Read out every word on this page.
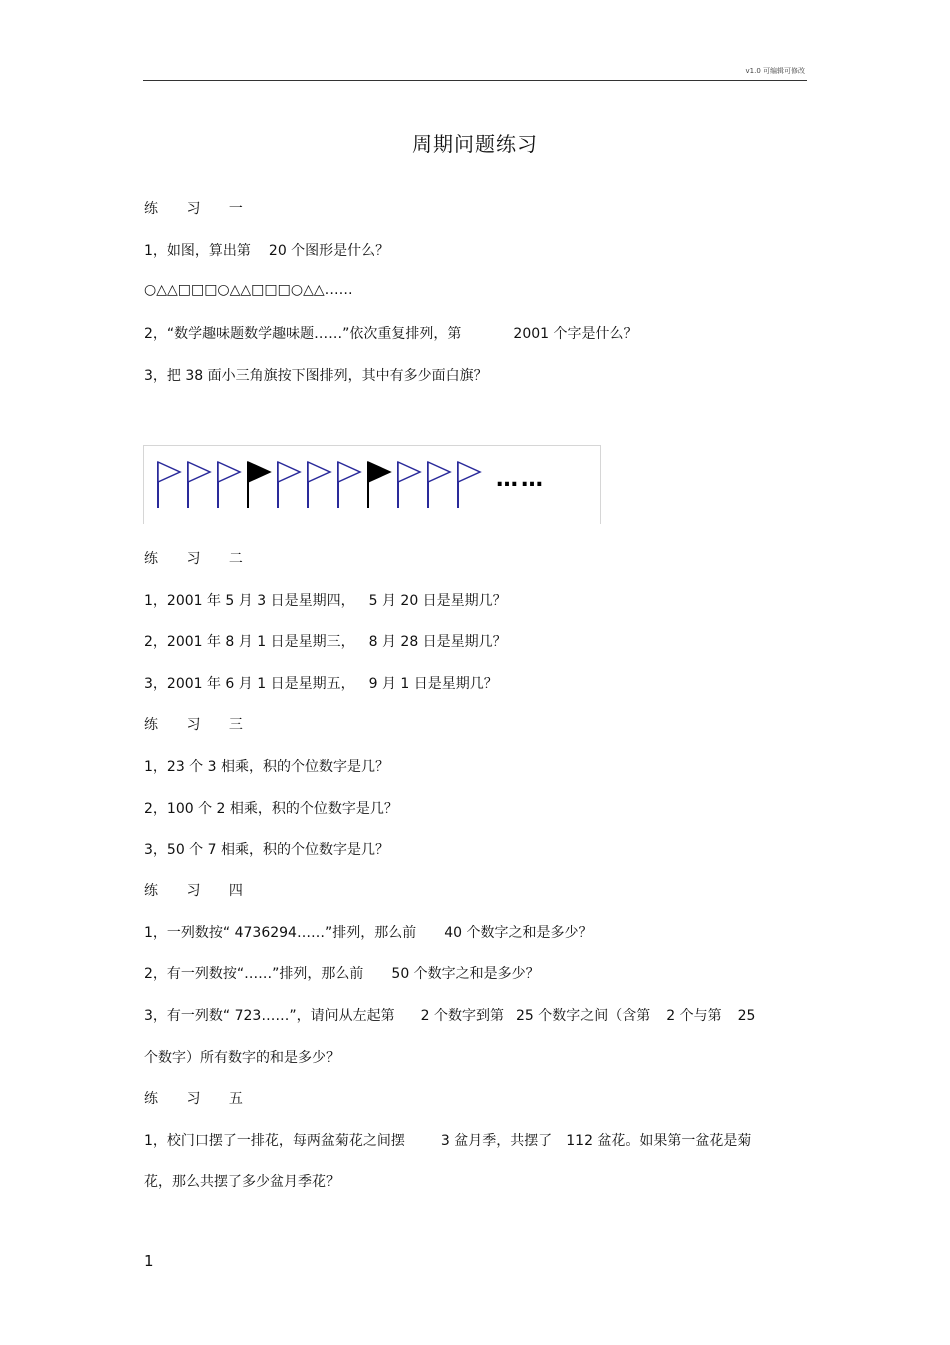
v1.0 可编辑可修改
周期问题练习
练 习 一
1，如图，算出第 20 个图形是什么？
○△△□□□○△△□□□○△△……
2，“数学趣味题数学趣味题……”依次重复排列，第	2001 个字是什么？
3，把 38 面小三角旗按下图排列，其中有多少面白旗？
……
练 习 二
1，2001 年 5 月 3 日是星期四， 5 月 20 日是星期几？
2，2001 年 8 月 1 日是星期三， 8 月 28 日是星期几？
3，2001 年 6 月 1 日是星期五， 9 月 1 日是星期几？
练 习 三
1，23 个 3 相乘，积的个位数字是几？
2，100 个 2 相乘，积的个位数字是几？
3，50 个 7 相乘，积的个位数字是几？
练 习 四
1，一列数按“ 4736294……”排列，那么前 40 个数字之和是多少？
2，有一列数按“……”排列，那么前 50 个数字之和是多少？
3，有一列数“ 723……”，请问从左起第 2 个数字到第 25 个数字之间（含第 2 个与第 25
个数字）所有数字的和是多少？
练 习 五
1，校门口摆了一排花，每两盆菊花之间摆	3 盆月季，共摆了 112 盆花。如果第一盆花是菊
花，那么共摆了多少盆月季花？
1
